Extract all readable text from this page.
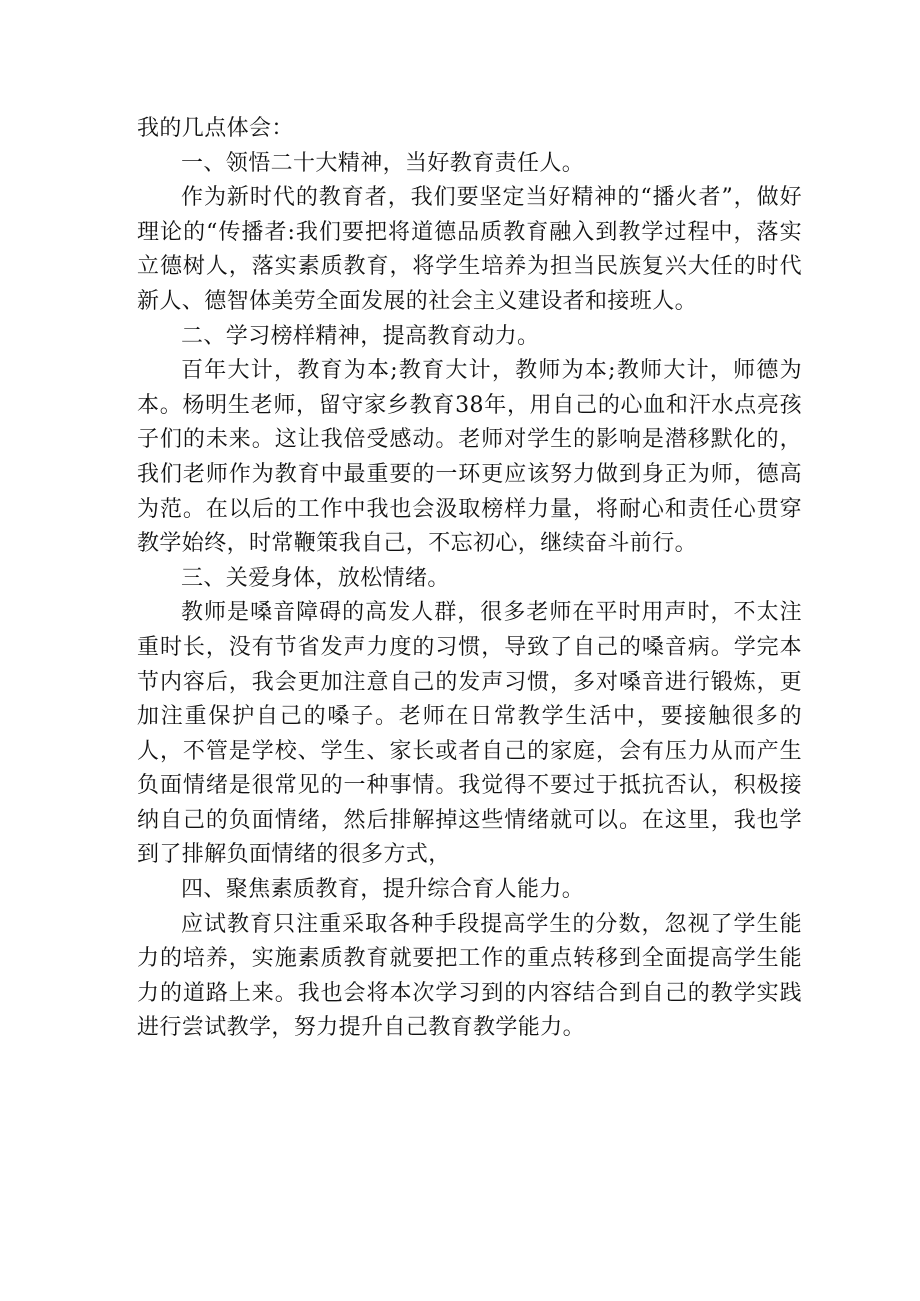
我的几点体会：

一、领悟二十大精神，当好教育责任人。

作为新时代的教育者，我们要坚定当好精神的“播火者”，做好理论的“传播者:我们要把将道德品质教育融入到教学过程中，落实立德树人，落实素质教育，将学生培养为担当民族复兴大任的时代新人、德智体美劳全面发展的社会主义建设者和接班人。

二、学习榜样精神，提高教育动力。

百年大计，教育为本;教育大计，教师为本;教师大计，师德为本。杨明生老师，留守家乡教育38年，用自己的心血和汗水点亮孩子们的未来。这让我倍受感动。老师对学生的影响是潜移默化的，我们老师作为教育中最重要的一环更应该努力做到身正为师，德高为范。在以后的工作中我也会汲取榜样力量，将耐心和责任心贯穿教学始终，时常鞭策我自己，不忘初心，继续奋斗前行。

三、关爱身体，放松情绪。

教师是嗓音障碍的高发人群，很多老师在平时用声时，不太注重时长，没有节省发声力度的习惯，导致了自己的嗓音病。学完本节内容后，我会更加注意自己的发声习惯，多对嗓音进行锻炼，更加注重保护自己的嗓子。老师在日常教学生活中，要接触很多的人，不管是学校、学生、家长或者自己的家庭，会有压力从而产生负面情绪是很常见的一种事情。我觉得不要过于抵抗否认，积极接纳自己的负面情绪，然后排解掉这些情绪就可以。在这里，我也学到了排解负面情绪的很多方式，

四、聚焦素质教育，提升综合育人能力。

应试教育只注重采取各种手段提高学生的分数，忽视了学生能力的培养，实施素质教育就要把工作的重点转移到全面提高学生能力的道路上来。我也会将本次学习到的内容结合到自己的教学实践进行尝试教学，努力提升自己教育教学能力。
